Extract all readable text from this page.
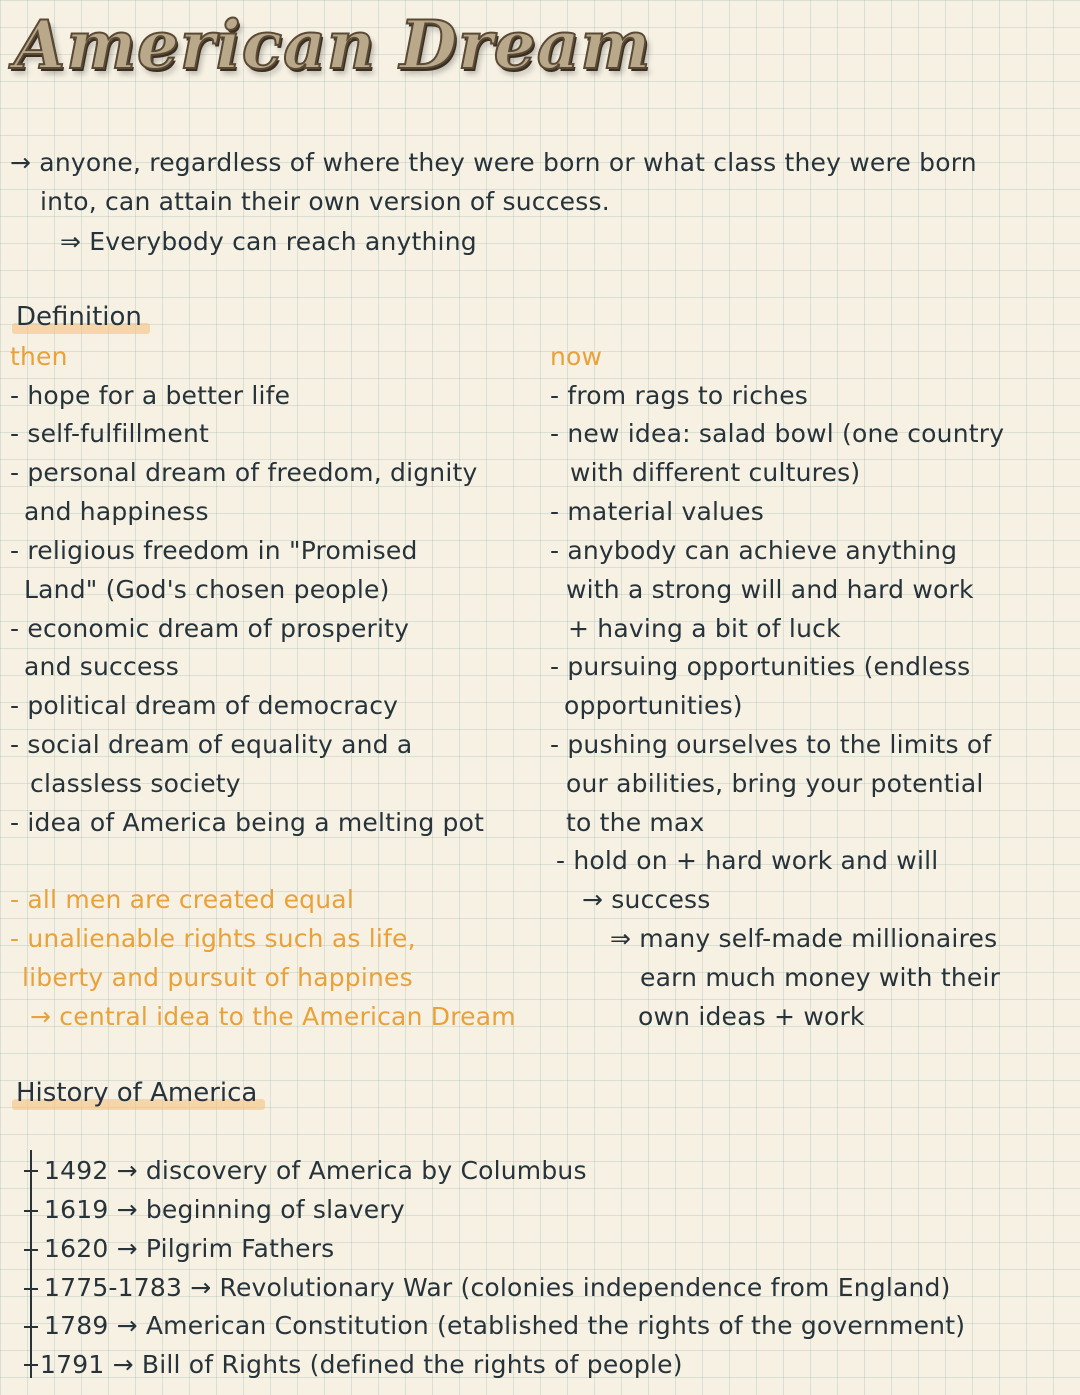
American Dream
→ anyone, regardless of where they were born or what class they were born
into, can attain their own version of success.
⇒ Everybody can reach anything
Definition
then
- hope for a better life
- self-fulfillment
- personal dream of freedom, dignity
and happiness
- religious freedom in "Promised
Land" (God's chosen people)
- economic dream of prosperity
and success
- political dream of democracy
- social dream of equality and a
classless society
- idea of America being a melting pot
- all men are created equal
- unalienable rights such as life,
liberty and pursuit of happines
→ central idea to the American Dream
now
- from rags to riches
- new idea: salad bowl (one country
with different cultures)
- material values
- anybody can achieve anything
with a strong will and hard work
+ having a bit of luck
- pursuing opportunities (endless
opportunities)
- pushing ourselves to the limits of
our abilities, bring your potential
to the max
- hold on + hard work and will
→ success
⇒ many self-made millionaires
earn much money with their
own ideas + work
History of America
1492 → discovery of America by Columbus
1619 → beginning of slavery
1620 → Pilgrim Fathers
1775-1783 → Revolutionary War (colonies independence from England)
1789 → American Constitution (etablished the rights of the government)
1791 → Bill of Rights (defined the rights of people)
